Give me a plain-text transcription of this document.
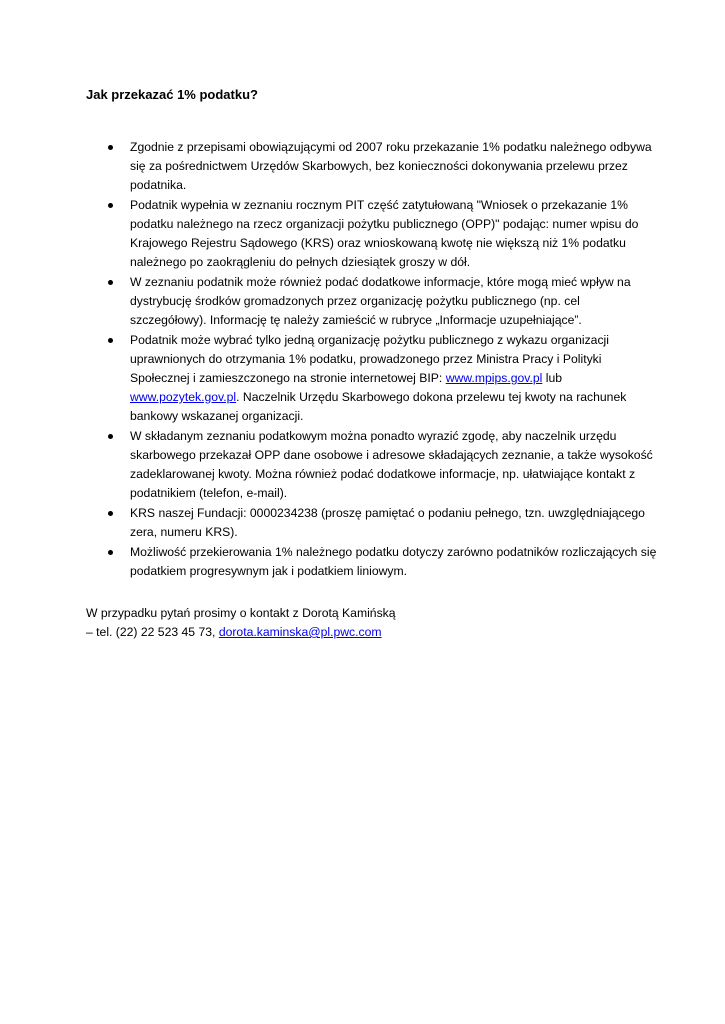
Jak przekazać 1% podatku?
Zgodnie z przepisami obowiązującymi od 2007 roku przekazanie 1% podatku należnego odbywa się za pośrednictwem Urzędów Skarbowych, bez konieczności dokonywania przelewu przez podatnika.
Podatnik wypełnia w zeznaniu rocznym PIT część zatytułowaną "Wniosek o przekazanie 1% podatku należnego na rzecz organizacji pożytku publicznego (OPP)" podając: numer wpisu do Krajowego Rejestru Sądowego (KRS) oraz wnioskowaną kwotę nie większą niż 1% podatku należnego po zaokrągleniu do pełnych dziesiątek groszy w dół.
W zeznaniu podatnik może również podać dodatkowe informacje, które mogą mieć wpływ na dystrybucję środków gromadzonych przez organizację pożytku publicznego (np. cel szczegółowy). Informację tę należy zamieścić w rubryce „Informacje uzupełniające”.
Podatnik może wybrać tylko jedną organizację pożytku publicznego z wykazu organizacji uprawnionych do otrzymania 1% podatku, prowadzonego przez Ministra Pracy i Polityki Społecznej i zamieszczonego na stronie internetowej BIP: www.mpips.gov.pl lub www.pozytek.gov.pl. Naczelnik Urzędu Skarbowego dokona przelewu tej kwoty na rachunek bankowy wskazanej organizacji.
W składanym zeznaniu podatkowym można ponadto wyrazić zgodę, aby naczelnik urzędu skarbowego przekazał OPP dane osobowe i adresowe składających zeznanie, a także wysokość zadeklarowanej kwoty. Można również podać dodatkowe informacje, np. ułatwiające kontakt z podatnikiem (telefon, e-mail).
KRS naszej Fundacji: 0000234238 (proszę pamiętać o podaniu pełnego, tzn. uwzględniającego zera, numeru KRS).
Możliwość przekierowania 1% należnego podatku dotyczy zarówno podatników rozliczających się podatkiem progresywnym jak i podatkiem liniowym.

W przypadku pytań prosimy o kontakt z Dorotą Kamińską
– tel. (22) 22 523 45 73, dorota.kaminska@pl.pwc.com
